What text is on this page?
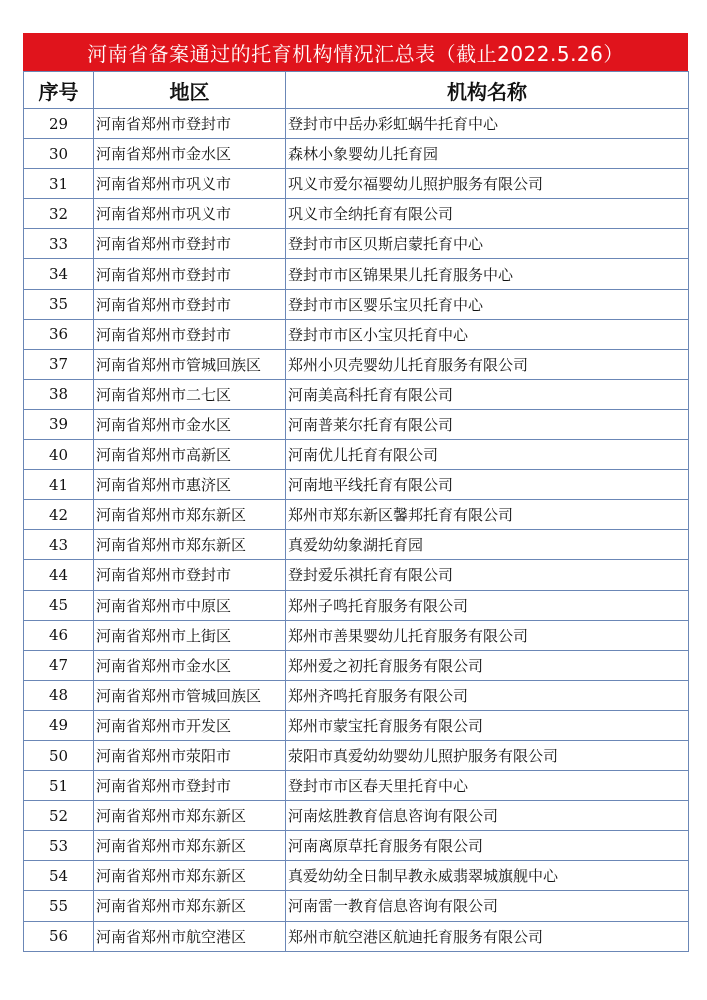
河南省备案通过的托育机构情况汇总表（截止2022.5.26）
序号	地区	机构名称
29	河南省郑州市登封市	登封市中岳办彩虹蜗牛托育中心
30	河南省郑州市金水区	森林小象婴幼儿托育园
31	河南省郑州市巩义市	巩义市爱尔福婴幼儿照护服务有限公司
32	河南省郑州市巩义市	巩义市全纳托育有限公司
33	河南省郑州市登封市	登封市市区贝斯启蒙托育中心
34	河南省郑州市登封市	登封市市区锦果果儿托育服务中心
35	河南省郑州市登封市	登封市市区婴乐宝贝托育中心
36	河南省郑州市登封市	登封市市区小宝贝托育中心
37	河南省郑州市管城回族区	郑州小贝壳婴幼儿托育服务有限公司
38	河南省郑州市二七区	河南美高科托育有限公司
39	河南省郑州市金水区	河南普莱尔托育有限公司
40	河南省郑州市高新区	河南优儿托育有限公司
41	河南省郑州市惠济区	河南地平线托育有限公司
42	河南省郑州市郑东新区	郑州市郑东新区馨邦托育有限公司
43	河南省郑州市郑东新区	真爱幼幼象湖托育园
44	河南省郑州市登封市	登封爱乐祺托育有限公司
45	河南省郑州市中原区	郑州子鸣托育服务有限公司
46	河南省郑州市上街区	郑州市善果婴幼儿托育服务有限公司
47	河南省郑州市金水区	郑州爱之初托育服务有限公司
48	河南省郑州市管城回族区	郑州齐鸣托育服务有限公司
49	河南省郑州市开发区	郑州市蒙宝托育服务有限公司
50	河南省郑州市荥阳市	荥阳市真爱幼幼婴幼儿照护服务有限公司
51	河南省郑州市登封市	登封市市区春天里托育中心
52	河南省郑州市郑东新区	河南炫胜教育信息咨询有限公司
53	河南省郑州市郑东新区	河南离原草托育服务有限公司
54	河南省郑州市郑东新区	真爱幼幼全日制早教永威翡翠城旗舰中心
55	河南省郑州市郑东新区	河南雷一教育信息咨询有限公司
56	河南省郑州市航空港区	郑州市航空港区航迪托育服务有限公司
